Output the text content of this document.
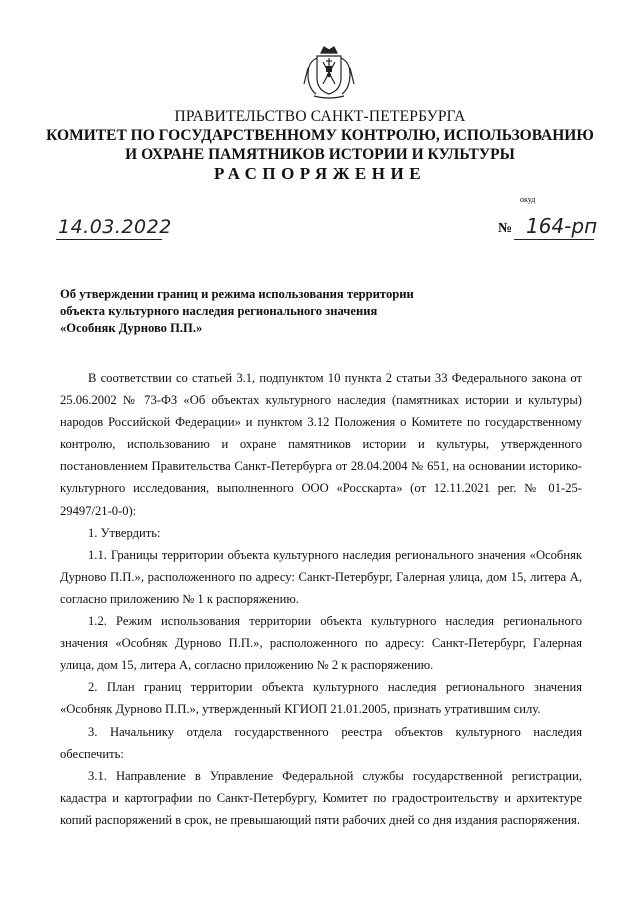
ПРАВИТЕЛЬСТВО САНКТ-ПЕТЕРБУРГА
КОМИТЕТ ПО ГОСУДАРСТВЕННОМУ КОНТРОЛЮ, ИСПОЛЬЗОВАНИЮ
И ОХРАНЕ ПАМЯТНИКОВ ИСТОРИИ И КУЛЬТУРЫ
РАСПОРЯЖЕНИЕ
окуд
14.03.2022	№ 164-рп
Об утверждении границ и режима использования территории
объекта культурного наследия регионального значения
«Особняк Дурново П.П.»

В соответствии со статьей 3.1, подпунктом 10 пункта 2 статьи 33 Федерального закона от 25.06.2002 № 73-ФЗ «Об объектах культурного наследия (памятниках истории и культуры) народов Российской Федерации» и пунктом 3.12 Положения о Комитете по государственному контролю, использованию и охране памятников истории и культуры, утвержденного постановлением Правительства Санкт-Петербурга от 28.04.2004 № 651, на основании историко-культурного исследования, выполненного ООО «Росскарта» (от 12.11.2021 рег. № 01-25-29497/21-0-0):

1. Утвердить:

1.1. Границы территории объекта культурного наследия регионального значения «Особняк Дурново П.П.», расположенного по адресу: Санкт-Петербург, Галерная улица, дом 15, литера А, согласно приложению № 1 к распоряжению.

1.2. Режим использования территории объекта культурного наследия регионального значения «Особняк Дурново П.П.», расположенного по адресу: Санкт-Петербург, Галерная улица, дом 15, литера А, согласно приложению № 2 к распоряжению.

2. План границ территории объекта культурного наследия регионального значения «Особняк Дурново П.П.», утвержденный КГИОП 21.01.2005, признать утратившим силу.

3. Начальнику отдела государственного реестра объектов культурного наследия обеспечить:

3.1. Направление в Управление Федеральной службы государственной регистрации, кадастра и картографии по Санкт-Петербургу, Комитет по градостроительству и архитектуре копий распоряжений в срок, не превышающий пяти рабочих дней со дня издания распоряжения.
